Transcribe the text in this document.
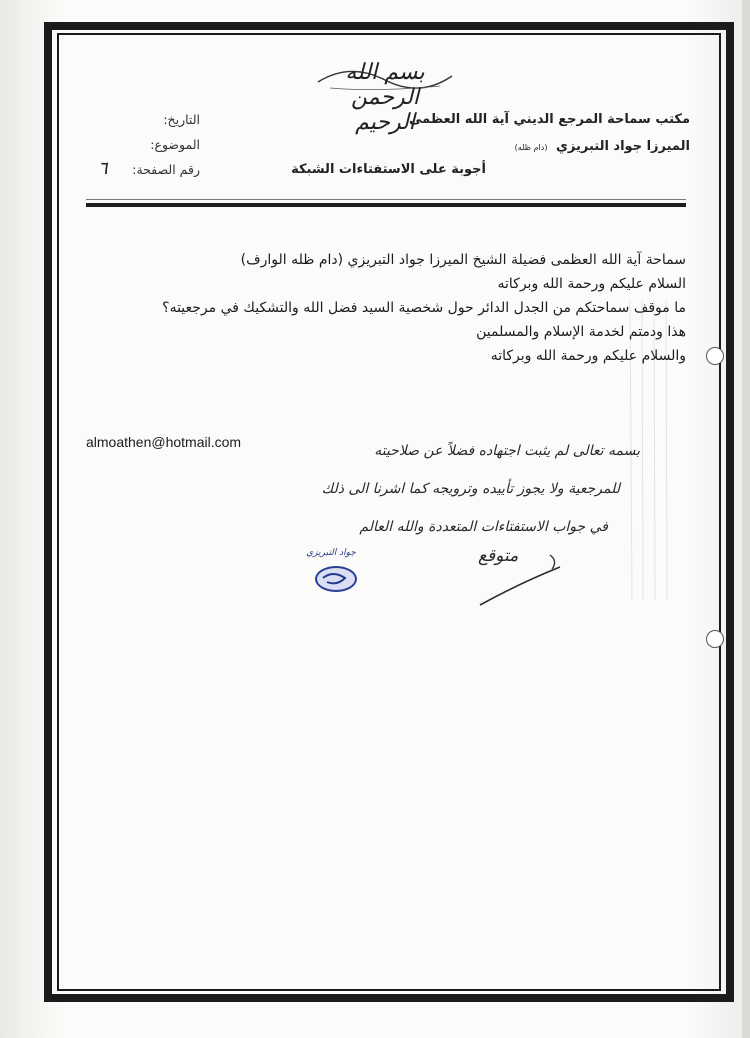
بسم الله الرحمن الرحيم
مكتب سماحة المرجع الديني آية الله العظمى
الميرزا جواد التبريزي (دام ظله)
أجوبة على الاستفتاءات الشبكة
التاريخ:
الموضوع:
رقم الصفحة:
٦
سماحة آية الله العظمى فضيلة الشيخ الميرزا جواد التبريزي (دام ظله الوارف)
السلام عليكم ورحمة الله وبركاته
ما موقف سماحتكم من الجدل الدائر حول شخصية السيد فضل الله والتشكيك في مرجعيته؟
هذا ودمتم لخدمة الإسلام والمسلمين
والسلام عليكم ورحمة الله وبركاته
almoathen@hotmail.com
بسمه تعالى لم يثبت اجتهاده فضلاً عن صلاحيته
للمرجعية ولا يجوز تأييده وترويجه كما اشرنا الى ذلك
في جواب الاستفتاءات المتعددة والله العالم
متوقع
جواد التبريزي
